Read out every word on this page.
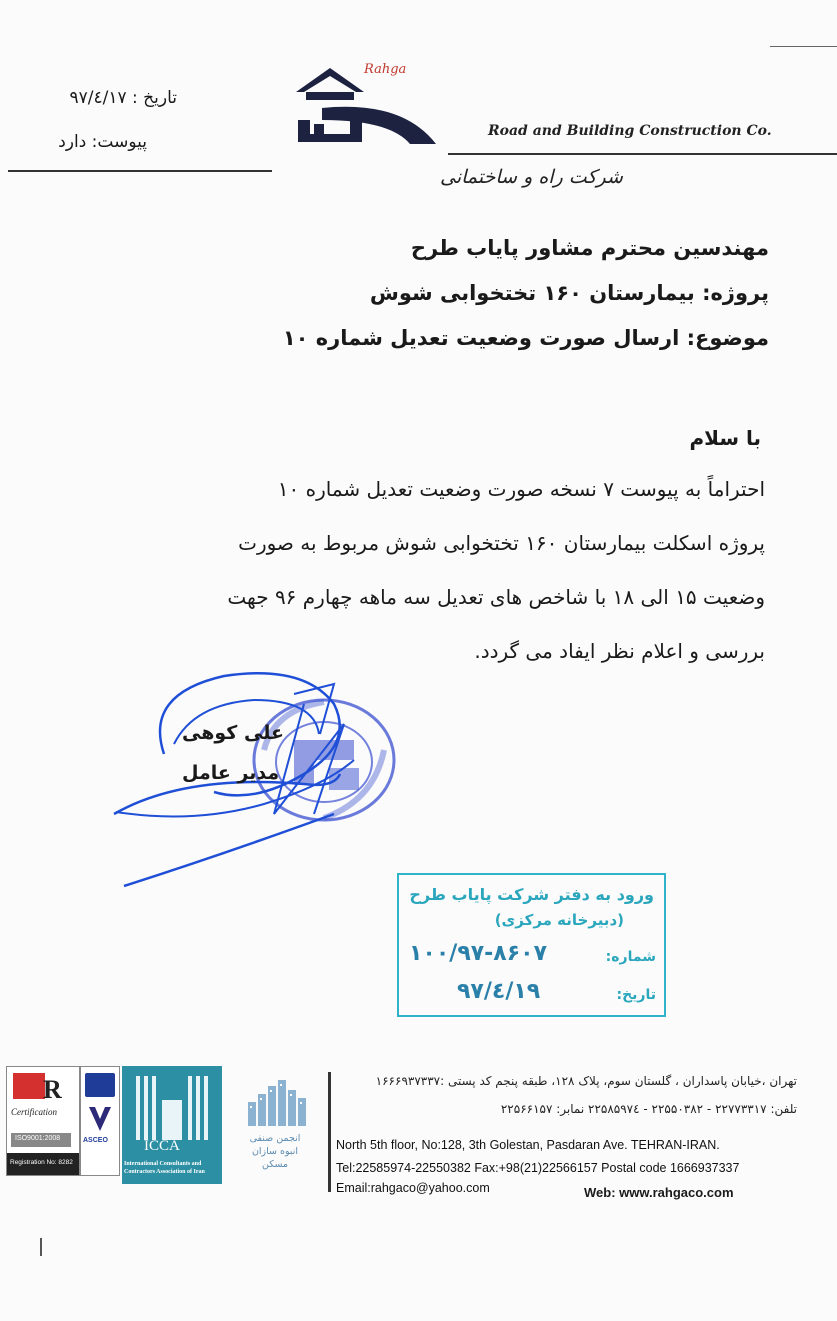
تاریخ : ۹۷/٤/۱۷
پیوست: دارد
Rahga
Road and Building Construction Co.
شرکت راه و ساختمانی
مهندسین محترم مشاور پایاب طرح
پروژه: بیمارستان ۱۶۰ تختخوابی شوش
موضوع: ارسال صورت وضعیت تعدیل شماره ۱۰
با سلام
احتراماً به پیوست ۷ نسخه صورت وضعیت تعدیل شماره ۱۰
پروژه اسکلت بیمارستان ۱۶۰ تختخوابی شوش مربوط به صورت
وضعیت ۱۵ الی ۱۸ با شاخص های تعدیل سه ماهه چهارم ۹۶ جهت
بررسی و اعلام نظر ایفاد می گردد.
علی کوهی
مدیر عامل
ورود به دفتر شرکت پایاب طرح
(دبیرخانه مرکزی)
شماره:
۱۰۰/۹۷-۸۶۰۷
تاریخ:
۹۷/٤/۱۹
R
Certification
ISO9001:2008
Registration No: 8282
ASCEO ICCA
International Consultants and Contractors Association of Iran
انجمن صنفی انبوه سازان مسکن
تهران ،خیابان پاسداران ، گلستان سوم، پلاک ۱۲۸، طبقه پنجم کد پستی :۱۶۶۶۹۳۷۳۳۷
تلفن: ۲۲۷۷۳۳۱۷ - ۲۲۵۵۰۳۸۲ - ۲۲۵۸۵۹۷٤ نمابر: ۲۲۵۶۶۱۵۷
North 5th floor, No:128, 3th Golestan, Pasdaran Ave. TEHRAN-IRAN.
Tel:22585974-22550382 Fax:+98(21)22566157 Postal code 1666937337
Email:rahgaco@yahoo.com	Web: www.rahgaco.com
